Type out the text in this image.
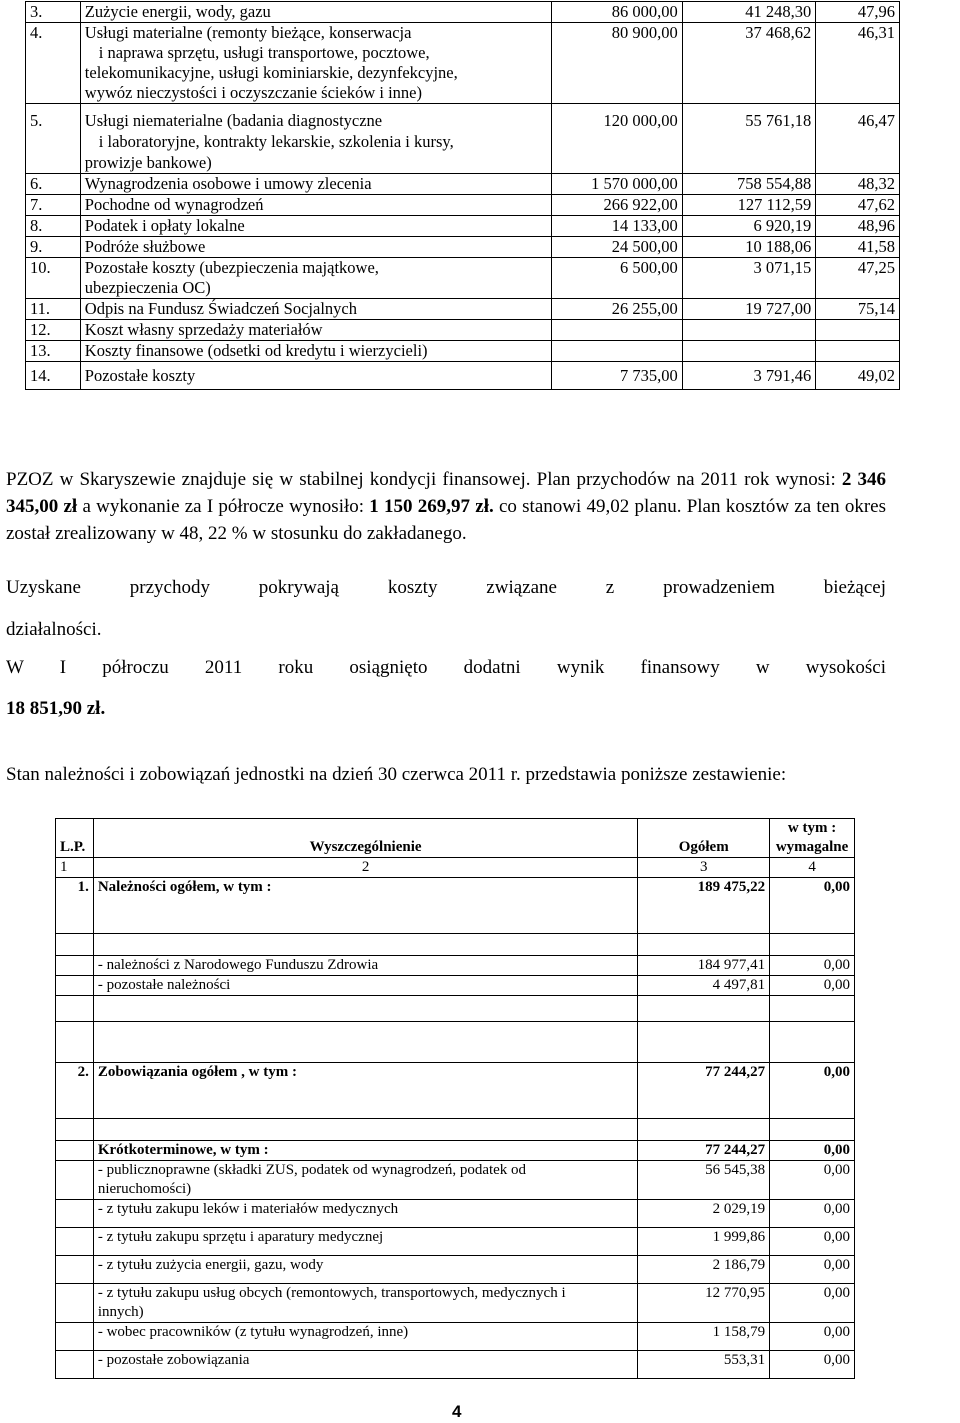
3.	Zużycie energii, wody, gazu	86 000,00	41 248,30	47,96
4.	Usługi materialne (remonty bieżące, konserwacja
i naprawa sprzętu, usługi transportowe, pocztowe,
telekomunikacyjne, usługi kominiarskie, dezynfekcyjne,
wywóz nieczystości i oczyszczanie ścieków i inne)	80 900,00	37 468,62	46,31
5.	Usługi niematerialne (badania diagnostyczne
i laboratoryjne, kontrakty lekarskie, szkolenia i kursy,
prowizje bankowe)	120 000,00	55 761,18	46,47
6.	Wynagrodzenia osobowe i umowy zlecenia	1 570 000,00	758 554,88	48,32
7.	Pochodne od wynagrodzeń	266 922,00	127 112,59	47,62
8.	Podatek i opłaty lokalne	14 133,00	6 920,19	48,96
9.	Podróże służbowe	24 500,00	10 188,06	41,58
10.	Pozostałe koszty (ubezpieczenia majątkowe,
ubezpieczenia OC)	6 500,00	3 071,15	47,25
11.	Odpis na Fundusz Świadczeń Socjalnych	26 255,00	19 727,00	75,14
12.	Koszt własny sprzedaży materiałów			
13.	Koszty finansowe (odsetki od kredytu i wierzycieli)			
14.	Pozostałe koszty	7 735,00	3 791,46	49,02
PZOZ w Skaryszewie znajduje się w stabilnej kondycji finansowej. Plan przychodów na 2011 rok wynosi: 2 346 345,00 zł a wykonanie za I półrocze wynosiło: 1 150 269,97 zł. co stanowi 49,02 planu. Plan kosztów za ten okres został zrealizowany w 48, 22 % w stosunku do zakładanego.
Uzyskane przychody pokrywają koszty związane z prowadzeniem bieżącej
działalności.
W I półroczu 2011 roku osiągnięto dodatni wynik finansowy w wysokości
18 851,90 zł.
Stan należności i zobowiązań jednostki na dzień 30 czerwca 2011 r. przedstawia poniższe zestawienie:
L.P.	Wyszczególnienie	Ogółem	w tym : wymagalne
1	2	3	4
1.	Należności ogółem, w tym :	189 475,22	0,00

	- należności z Narodowego Funduszu Zdrowia	184 977,41	0,00
	- pozostałe należności	4 497,81	0,00

2.	Zobowiązania ogółem , w tym :	77 244,27	0,00

	Krótkoterminowe, w tym :	77 244,27	0,00
	- publicznoprawne (składki ZUS, podatek od wynagrodzeń, podatek od nieruchomości)	56 545,38	0,00
	- z tytułu zakupu leków i materiałów medycznych	2 029,19	0,00
	- z tytułu zakupu sprzętu i aparatury medycznej	1 999,86	0,00
	- z tytułu zużycia energii, gazu, wody	2 186,79	0,00
	- z tytułu zakupu usług obcych (remontowych, transportowych, medycznych i innych)	12 770,95	0,00
	- wobec pracowników (z tytułu wynagrodzeń, inne)	1 158,79	0,00
	- pozostałe zobowiązania	553,31	0,00
4
